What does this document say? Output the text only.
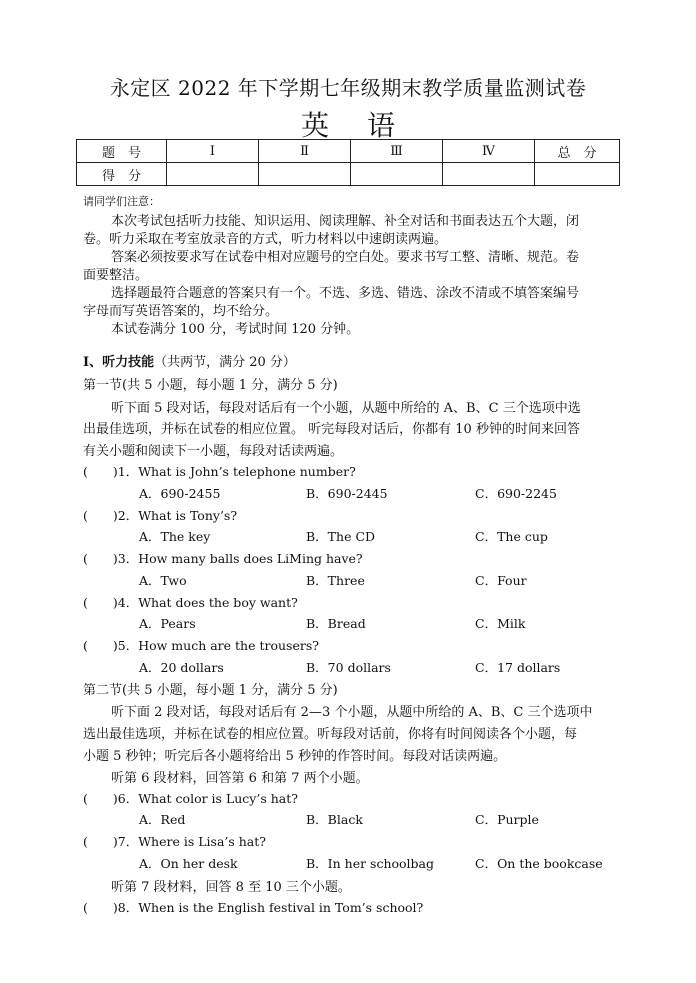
永定区 2022 年下学期七年级期末教学质量监测试卷
英语
题　号	Ⅰ	Ⅱ	Ⅲ	Ⅳ	总　分
得　分					
请同学们注意：
本次考试包括听力技能、知识运用、阅读理解、补全对话和书面表达五个大题，闭
卷。听力采取在考室放录音的方式，听力材料以中速朗读两遍。
答案必须按要求写在试卷中相对应题号的空白处。要求书写工整、清晰、规范。卷
面要整洁。
选择题最符合题意的答案只有一个。不选、多选、错选、涂改不清或不填答案编号
字母而写英语答案的，均不给分。
本试卷满分 100 分，考试时间 120 分钟。
Ⅰ、听力技能（共两节，满分 20 分）
第一节(共 5 小题，每小题 1 分，满分 5 分)
听下面 5 段对话，每段对话后有一个小题，从题中所给的 A、B、C 三个选项中选
出最佳选项，并标在试卷的相应位置。 听完每段对话后，你都有 10 秒钟的时间来回答
有关小题和阅读下一小题，每段对话读两遍。
(　　)1．What is John’s telephone number?
A．690-2455	B．690-2445	C．690-2245
(　　)2．What is Tony’s?
A．The key	B．The CD	C．The cup
(　　)3．How many balls does LiMing have?
A．Two	B．Three	C．Four
(　　)4．What does the boy want?
A．Pears	B．Bread	C．Milk
(　　)5．How much are the trousers?
A．20 dollars	B．70 dollars	C．17 dollars
第二节(共 5 小题，每小题 1 分，满分 5 分)
听下面 2 段对话，每段对话后有 2—3 个小题，从题中所给的 A、B、C 三个选项中
选出最佳选项，并标在试卷的相应位置。听每段对话前，你将有时间阅读各个小题，每
小题 5 秒钟；听完后各小题将给出 5 秒钟的作答时间。每段对话读两遍。
听第 6 段材料，回答第 6 和第 7 两个小题。
(　　)6．What color is Lucy’s hat?
A．Red	B．Black	C．Purple
(　　)7．Where is Lisa’s hat?
A．On her desk	B．In her schoolbag	C．On the bookcase
听第 7 段材料，回答 8 至 10 三个小题。
(　　)8．When is the English festival in Tom’s school?
